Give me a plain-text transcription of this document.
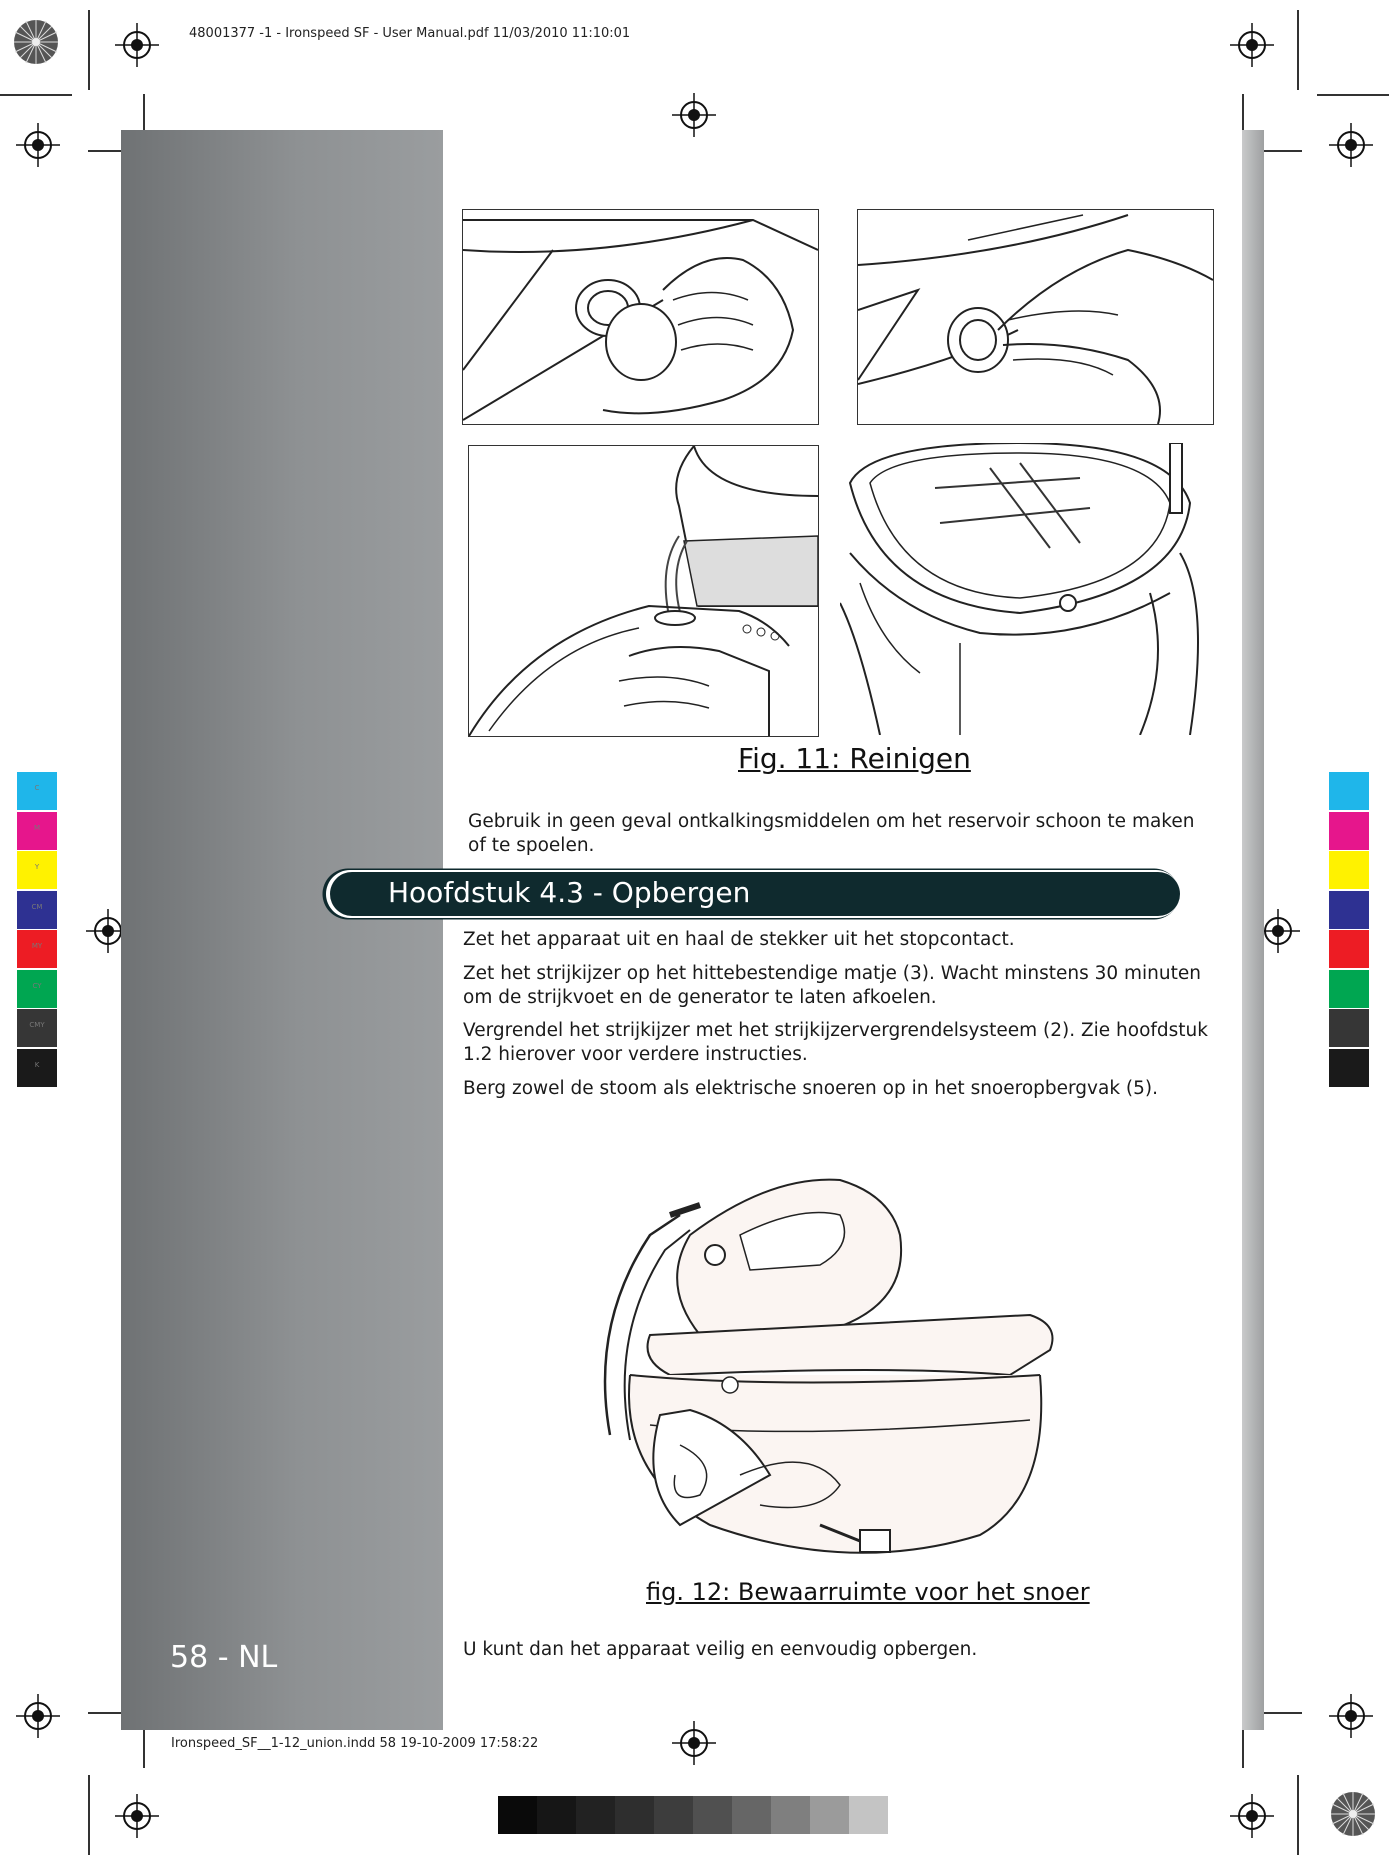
48001377 -1 - Ironspeed SF - User Manual.pdf 11/03/2010 11:10:01
Ironspeed_SF__1-12_union.indd 58 19-10-2009 17:58:22
58 - NL
Fig. 11: Reinigen
Gebruik in geen geval ontkalkingsmiddelen om het reservoir schoon te maken of te spoelen.
Hoofdstuk 4.3 - Opbergen
Zet het apparaat uit en haal de stekker uit het stopcontact.
Zet het strijkijzer op het hittebestendige matje (3). Wacht minstens 30 minuten om de strijkvoet en de generator te laten afkoelen.
Vergrendel het strijkijzer met het strijkijzervergrendelsysteem (2). Zie hoofdstuk 1.2 hierover voor verdere instructies.
Berg zowel de stoom als elektrische snoeren op in het snoeropbergvak (5).
fig. 12: Bewaarruimte voor het snoer
U kunt dan het apparaat veilig en eenvoudig opbergen.
C
M
Y
CM
MY
CY
CMY
K
